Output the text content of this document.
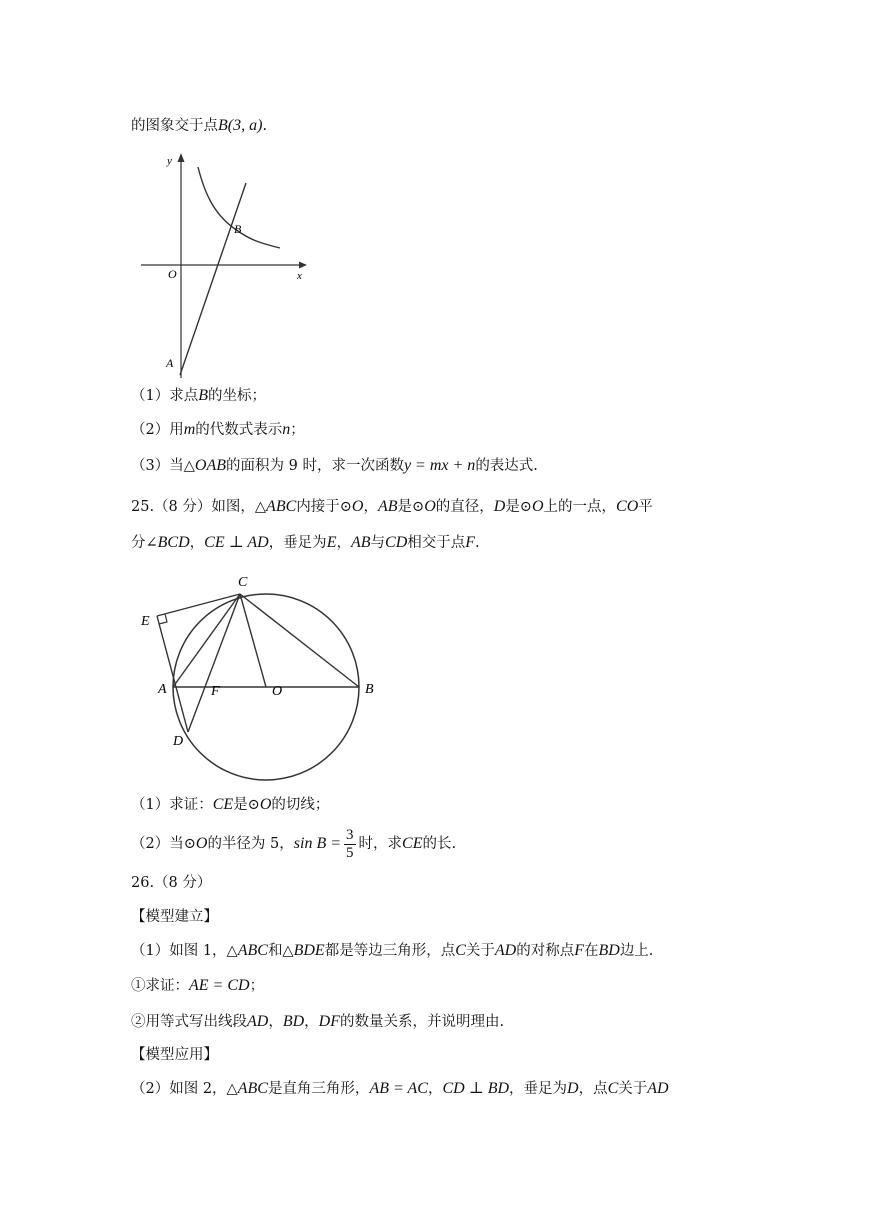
的图象交于点B(3, a).
y
x
O
B
A
（1）求点B的坐标；
（2）用m的代数式表示n；
（3）当△OAB的面积为 9 时，求一次函数y = mx + n的表达式.
25.（8 分）如图，△ABC内接于⊙O，AB是⊙O的直径，D是⊙O上的一点，CO平
分∠BCD，CE ⊥ AD，垂足为E，AB与CD相交于点F.
C
E
A	F	O	B
D
（1）求证：CE是⊙O的切线；
（2）当⊙O的半径为 5，$\sin B = \frac{3}{5}$ 时，求CE的长.
26.（8 分）
【模型建立】
（1）如图 1，△ABC和△BDE都是等边三角形，点C关于AD的对称点F在BD边上.
①求证：AE = CD；
②用等式写出线段AD，BD，DF的数量关系，并说明理由.
【模型应用】
（2）如图 2，△ABC是直角三角形，AB = AC，CD ⊥ BD，垂足为D，点C关于AD
